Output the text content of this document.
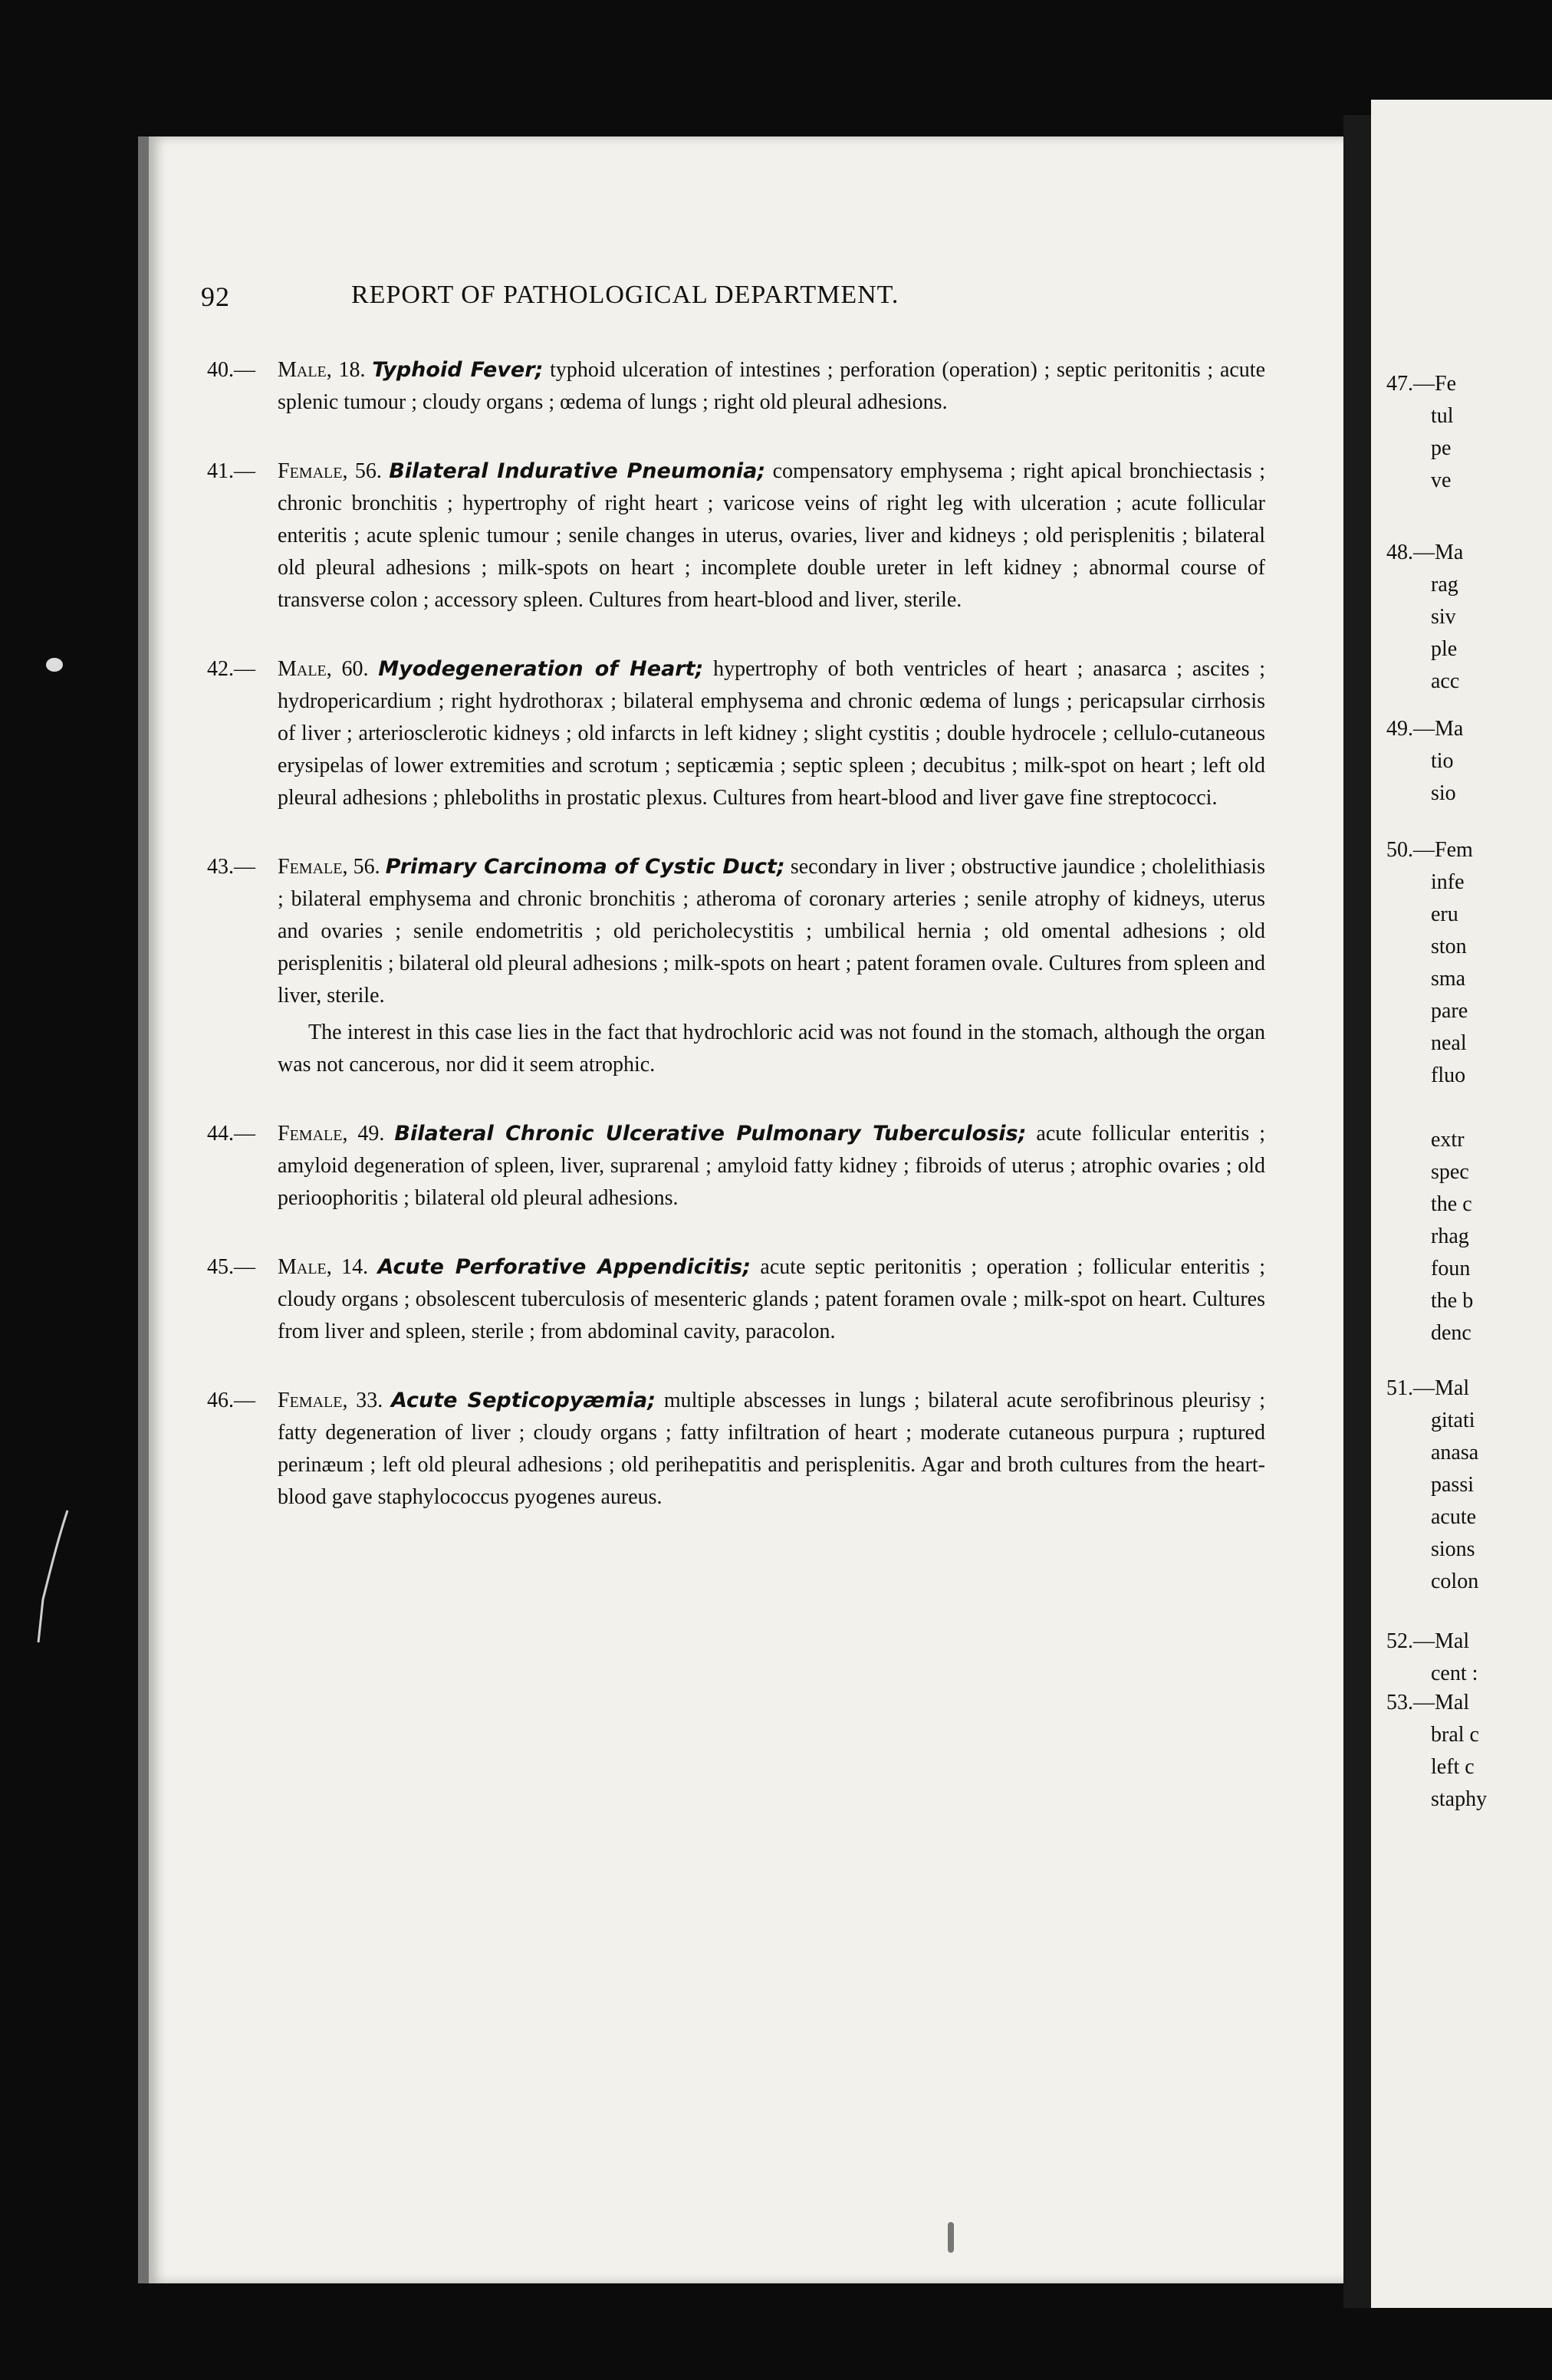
47.—Fe
tul
pe
ve
48.—Ma
rag
siv
ple
acc
49.—Ma
tio
sio
50.—Fem
infe
eru
ston
sma
pare
neal
fluo

extr
spec
the c
rhag
foun
the b
denc
51.—Mal
gitati
anasa
passi
acute
sions
colon
52.—Mal
cent :
53.—Mal
bral c
left c
staphy
92	REPORT OF PATHOLOGICAL DEPARTMENT.
40.— Male, 18. Typhoid Fever; typhoid ulceration of intestines ; perforation (operation) ; septic peritonitis ; acute splenic tumour ; cloudy organs ; œdema of lungs ; right old pleural adhesions.
41.— Female, 56. Bilateral Indurative Pneumonia; compensatory emphysema ; right apical bronchiectasis ; chronic bronchitis ; hypertrophy of right heart ; varicose veins of right leg with ulceration ; acute follicular enteritis ; acute splenic tumour ; senile changes in uterus, ovaries, liver and kidneys ; old perisplenitis ; bilateral old pleural adhesions ; milk-spots on heart ; incomplete double ureter in left kidney ; abnormal course of transverse colon ; accessory spleen. Cultures from heart-blood and liver, sterile.
42.— Male, 60. Myodegeneration of Heart; hypertrophy of both ventricles of heart ; anasarca ; ascites ; hydropericardium ; right hydrothorax ; bilateral emphysema and chronic œdema of lungs ; pericapsular cirrhosis of liver ; arteriosclerotic kidneys ; old infarcts in left kidney ; slight cystitis ; double hydrocele ; cellulo-cutaneous erysipelas of lower extremities and scrotum ; septicæmia ; septic spleen ; decubitus ; milk-spot on heart ; left old pleural adhesions ; phleboliths in prostatic plexus. Cultures from heart-blood and liver gave fine streptococci.
43.— Female, 56. Primary Carcinoma of Cystic Duct; secondary in liver ; obstructive jaundice ; cholelithiasis ; bilateral emphysema and chronic bronchitis ; atheroma of coronary arteries ; senile atrophy of kidneys, uterus and ovaries ; senile endometritis ; old pericholecystitis ; umbilical hernia ; old omental adhesions ; old perisplenitis ; bilateral old pleural adhesions ; milk-spots on heart ; patent foramen ovale. Cultures from spleen and liver, sterile.
The interest in this case lies in the fact that hydrochloric acid was not found in the stomach, although the organ was not cancerous, nor did it seem atrophic.
44.— Female, 49. Bilateral Chronic Ulcerative Pulmonary Tuberculosis; acute follicular enteritis ; amyloid degeneration of spleen, liver, suprarenal ; amyloid fatty kidney ; fibroids of uterus ; atrophic ovaries ; old perioophoritis ; bilateral old pleural adhesions.
45.— Male, 14. Acute Perforative Appendicitis; acute septic peritonitis ; operation ; follicular enteritis ; cloudy organs ; obsolescent tuberculosis of mesenteric glands ; patent foramen ovale ; milk-spot on heart. Cultures from liver and spleen, sterile ; from abdominal cavity, paracolon.
46.— Female, 33. Acute Septicopyæmia; multiple abscesses in lungs ; bilateral acute serofibrinous pleurisy ; fatty degeneration of liver ; cloudy organs ; fatty infiltration of heart ; moderate cutaneous purpura ; ruptured perinæum ; left old pleural adhesions ; old perihepatitis and perisplenitis. Agar and broth cultures from the heart-blood gave staphylococcus pyogenes aureus.
